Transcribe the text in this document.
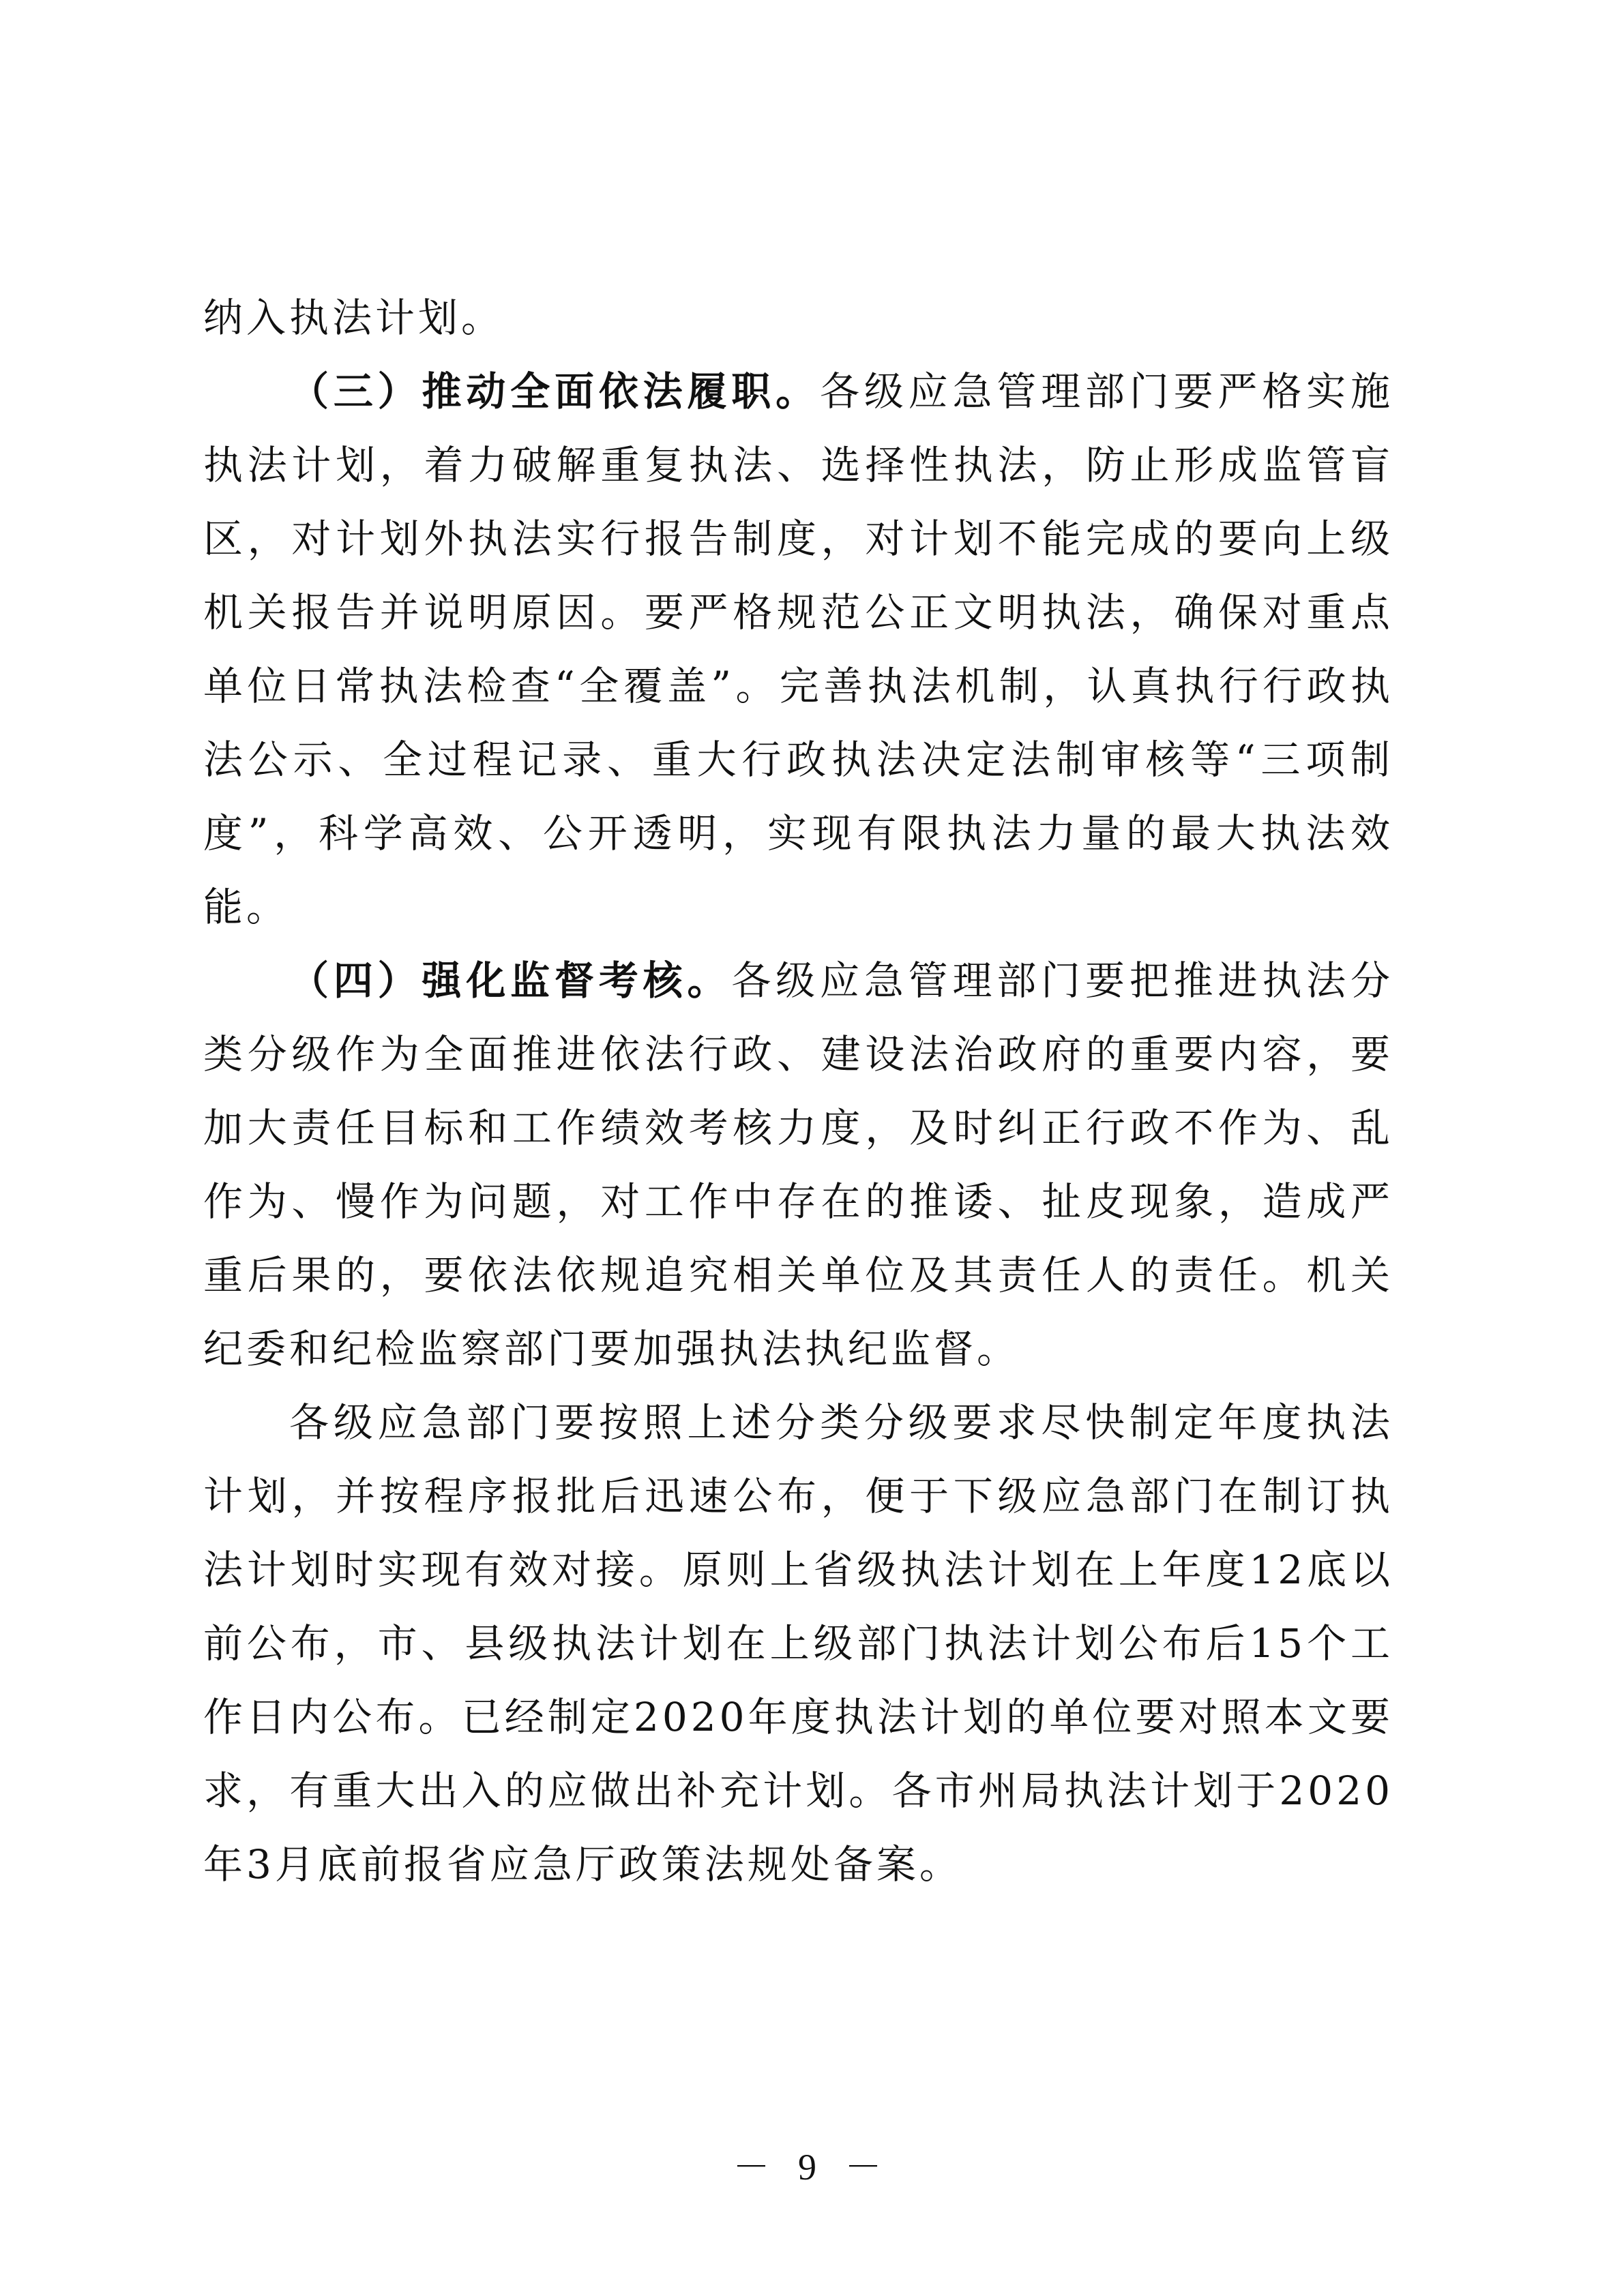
纳入执法计划。

（三）推动全面依法履职。各级应急管理部门要严格实施执法计划，着力破解重复执法、选择性执法，防止形成监管盲区，对计划外执法实行报告制度，对计划不能完成的要向上级机关报告并说明原因。要严格规范公正文明执法，确保对重点单位日常执法检查“全覆盖”。完善执法机制，认真执行行政执法公示、全过程记录、重大行政执法决定法制审核等“三项制度”，科学高效、公开透明，实现有限执法力量的最大执法效能。

（四）强化监督考核。各级应急管理部门要把推进执法分类分级作为全面推进依法行政、建设法治政府的重要内容，要加大责任目标和工作绩效考核力度，及时纠正行政不作为、乱作为、慢作为问题，对工作中存在的推诿、扯皮现象，造成严重后果的，要依法依规追究相关单位及其责任人的责任。机关纪委和纪检监察部门要加强执法执纪监督。

各级应急部门要按照上述分类分级要求尽快制定年度执法计划，并按程序报批后迅速公布，便于下级应急部门在制订执法计划时实现有效对接。原则上省级执法计划在上年度12底以前公布，市、县级执法计划在上级部门执法计划公布后15个工作日内公布。已经制定2020年度执法计划的单位要对照本文要求，有重大出入的应做出补充计划。各市州局执法计划于2020年3月底前报省应急厅政策法规处备案。

－ 9 －
